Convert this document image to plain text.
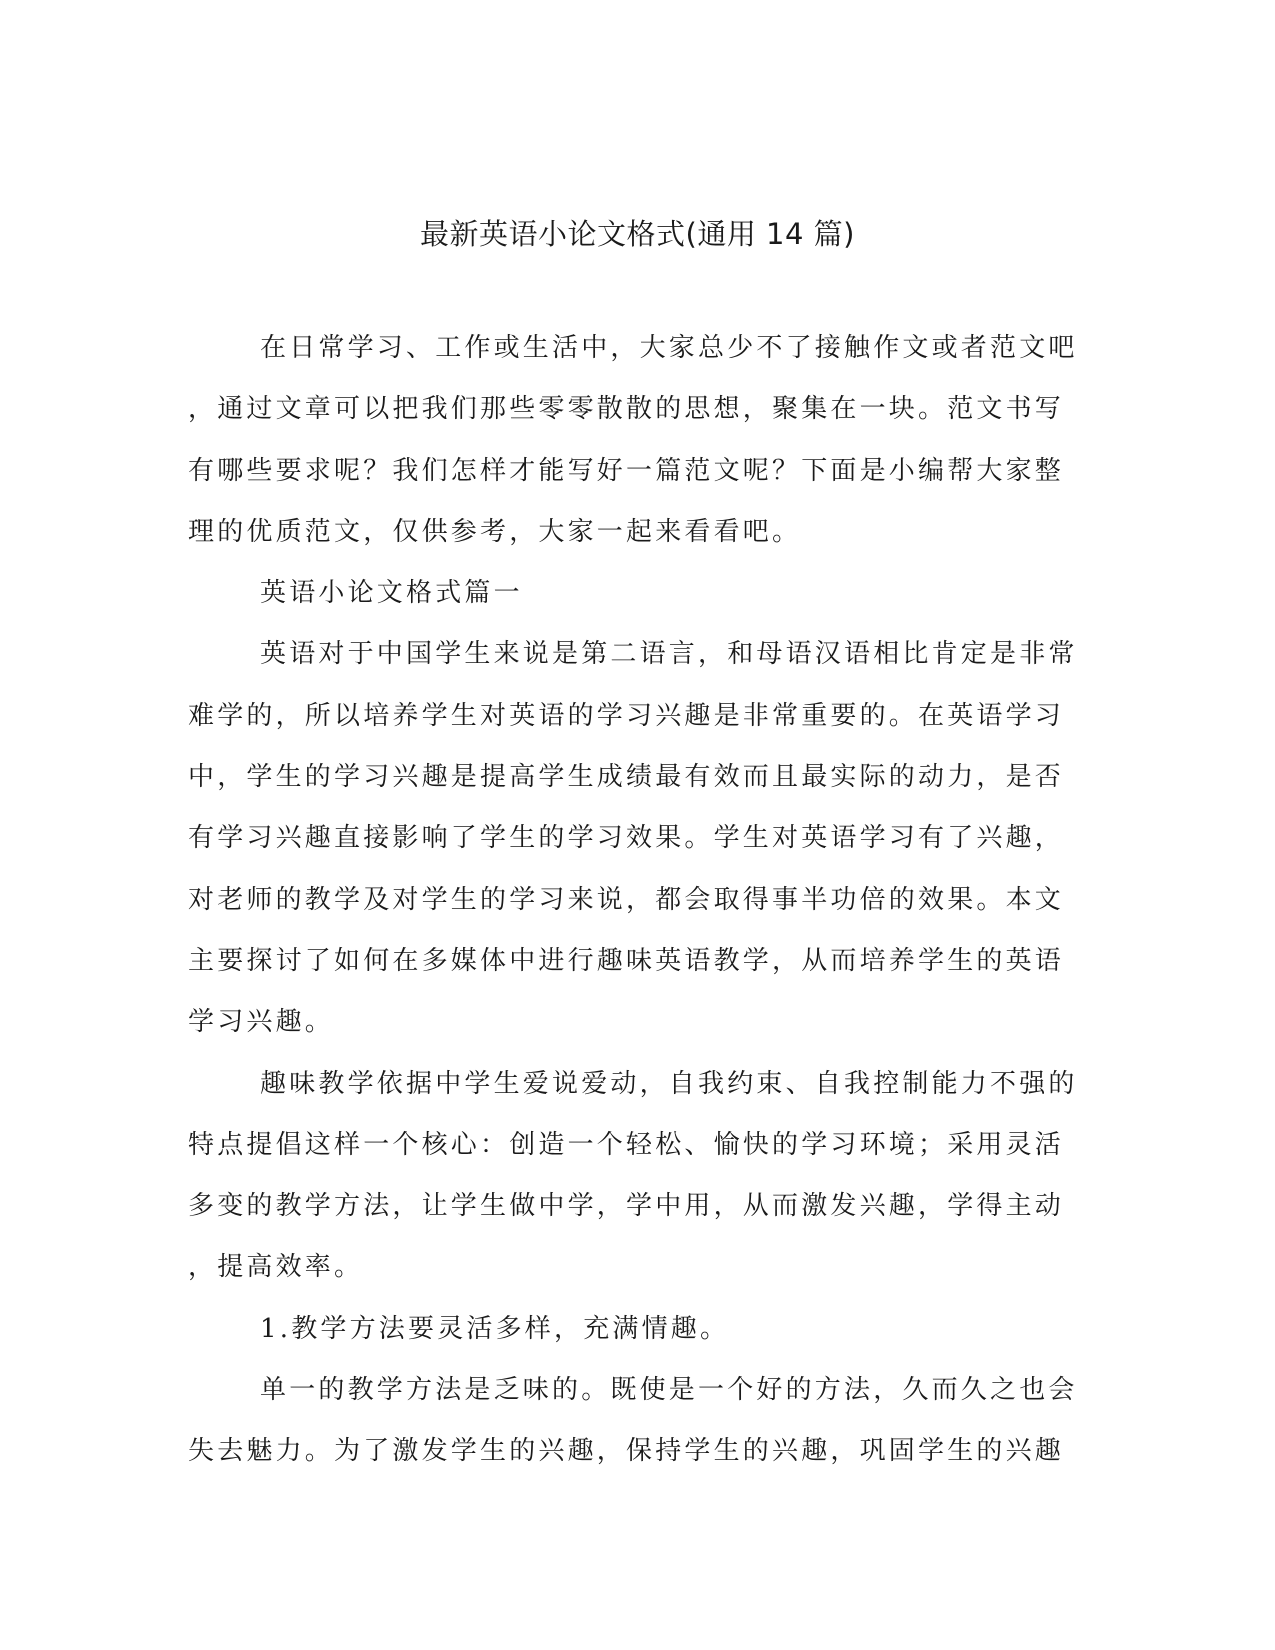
最新英语小论文格式(通用 14 篇)
在日常学习、工作或生活中，大家总少不了接触作文或者范文吧
，通过文章可以把我们那些零零散散的思想，聚集在一块。范文书写
有哪些要求呢？我们怎样才能写好一篇范文呢？下面是小编帮大家整
理的优质范文，仅供参考，大家一起来看看吧。
英语小论文格式篇一
英语对于中国学生来说是第二语言，和母语汉语相比肯定是非常
难学的，所以培养学生对英语的学习兴趣是非常重要的。在英语学习
中，学生的学习兴趣是提高学生成绩最有效而且最实际的动力，是否
有学习兴趣直接影响了学生的学习效果。学生对英语学习有了兴趣，
对老师的教学及对学生的学习来说，都会取得事半功倍的效果。本文
主要探讨了如何在多媒体中进行趣味英语教学，从而培养学生的英语
学习兴趣。
趣味教学依据中学生爱说爱动，自我约束、自我控制能力不强的
特点提倡这样一个核心：创造一个轻松、愉快的学习环境；采用灵活
多变的教学方法，让学生做中学，学中用，从而激发兴趣，学得主动
，提高效率。
1.教学方法要灵活多样，充满情趣。
单一的教学方法是乏味的。既使是一个好的方法，久而久之也会
失去魅力。为了激发学生的兴趣，保持学生的兴趣，巩固学生的兴趣
